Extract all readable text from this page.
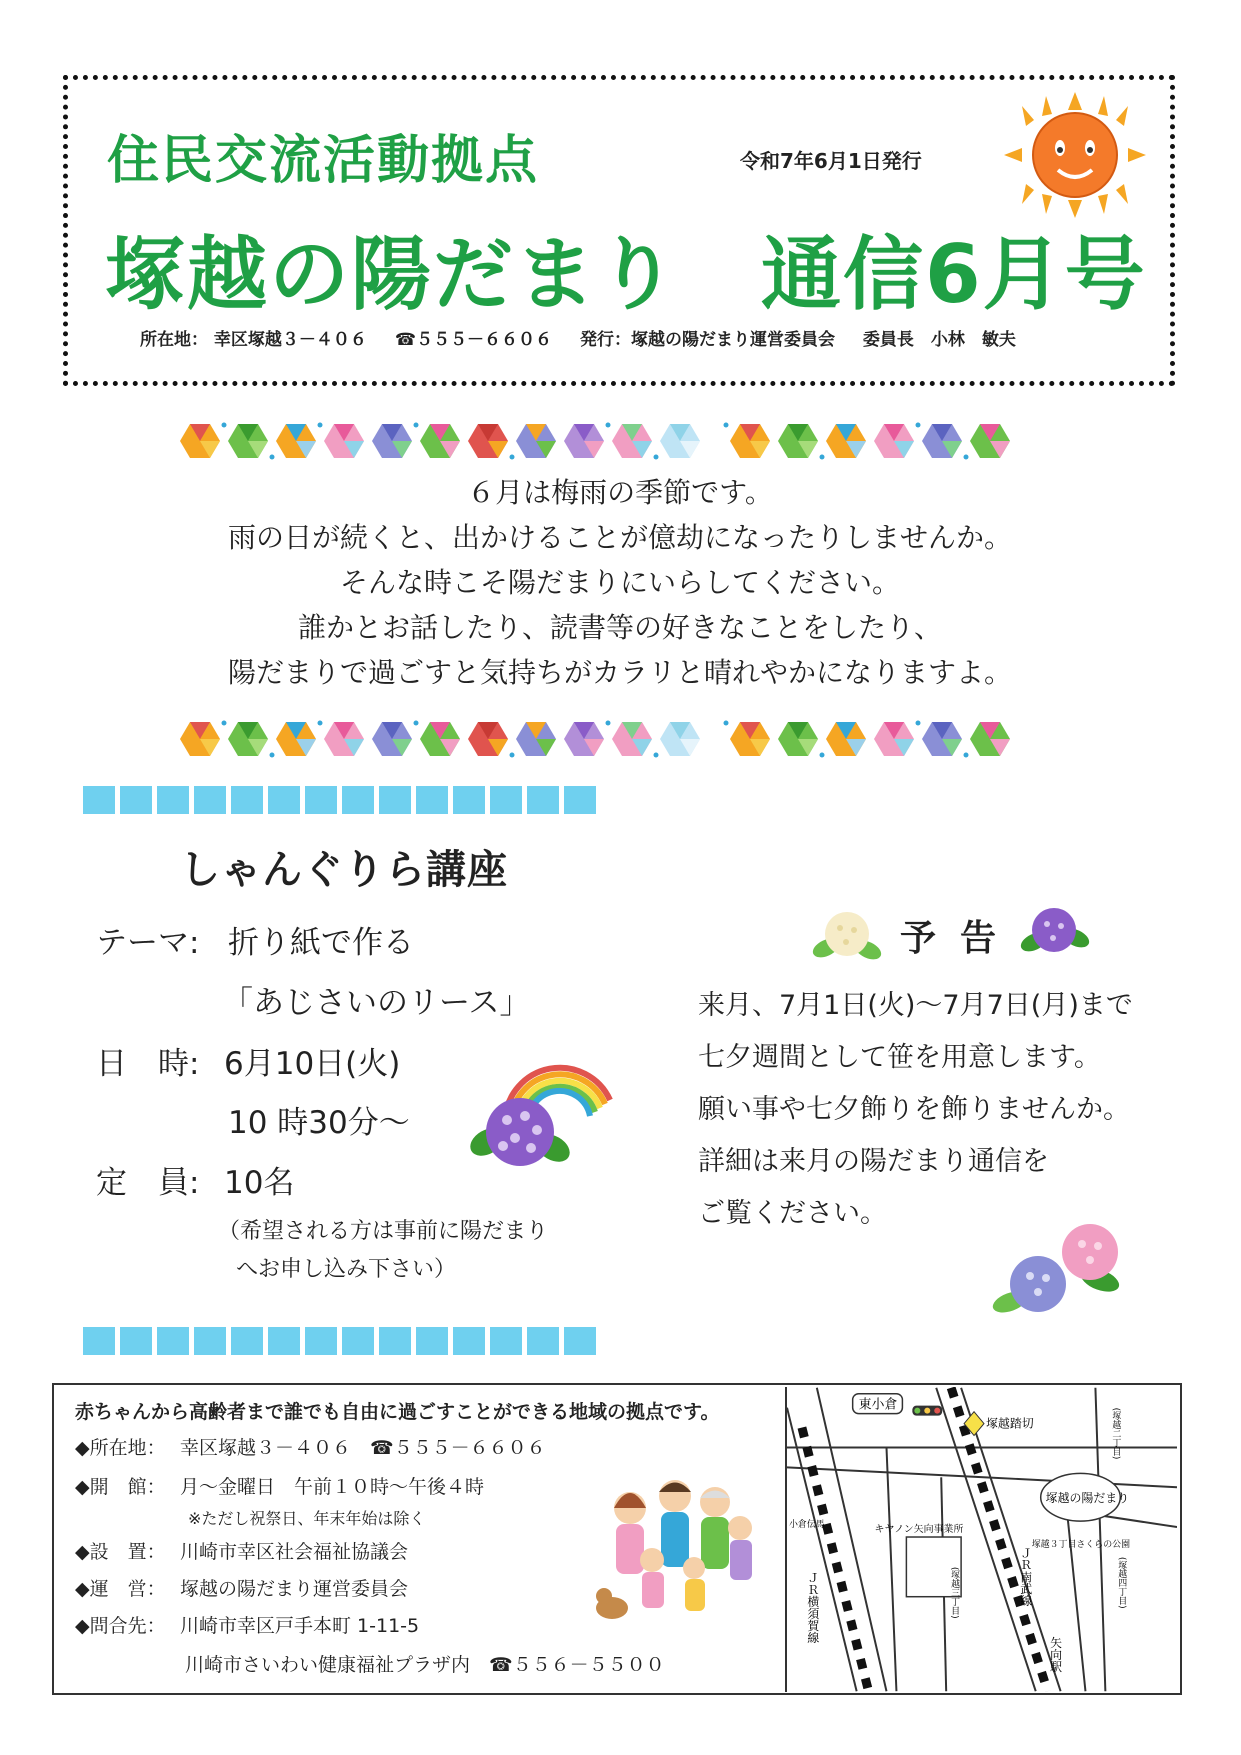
住民交流活動拠点	令和7年6月1日発行
塚越の陽だまり　通信6月号
所在地： 幸区塚越３－４０６ ☎５５５－６６０６ 発行：塚越の陽だまり運営委員会 委員長　小林　敏夫
６月は梅雨の季節です。
雨の日が続くと、出かけることが億劫になったりしませんか。
そんな時こそ陽だまりにいらしてください。
誰かとお話したり、読書等の好きなことをしたり、
陽だまりで過ごすと気持ちがカラリと晴れやかになりますよ。
しゃんぐりら講座
テーマ: 折り紙で作る
「あじさいのリース」
日　時: 6月10日(火)
10 時30分～
定　員: 10名
（希望される方は事前に陽だまり
へお申し込み下さい）
予告
来月、7月1日(火)～7月7日(月)まで
七夕週間として笹を用意します。
願い事や七夕飾りを飾りませんか。
詳細は来月の陽だまり通信を
ご覧ください。
赤ちゃんから高齢者まで誰でも自由に過ごすことができる地域の拠点です。
◆所在地： 幸区塚越３－４０６　☎５５５－６６０６
◆開　館： 月～金曜日　午前１０時～午後４時
※ただし祝祭日、年末年始は除く
◆設　置： 川崎市幸区社会福祉協議会
◆運　営： 塚越の陽だまり運営委員会
◆問合先： 川崎市幸区戸手本町 1-11-5
川崎市さいわい健康福祉プラザ内　☎５５６－５５００
東小倉
塚越踏切	(塚越二丁目)
塚越の陽だまり
キヤノン矢向事業所
塚越３丁目さくらの公園
小倉伝馬
ＪＲ横須賀線	ＪＲ南武線
(塚越三丁目)	(塚越四丁目)
矢向駅
